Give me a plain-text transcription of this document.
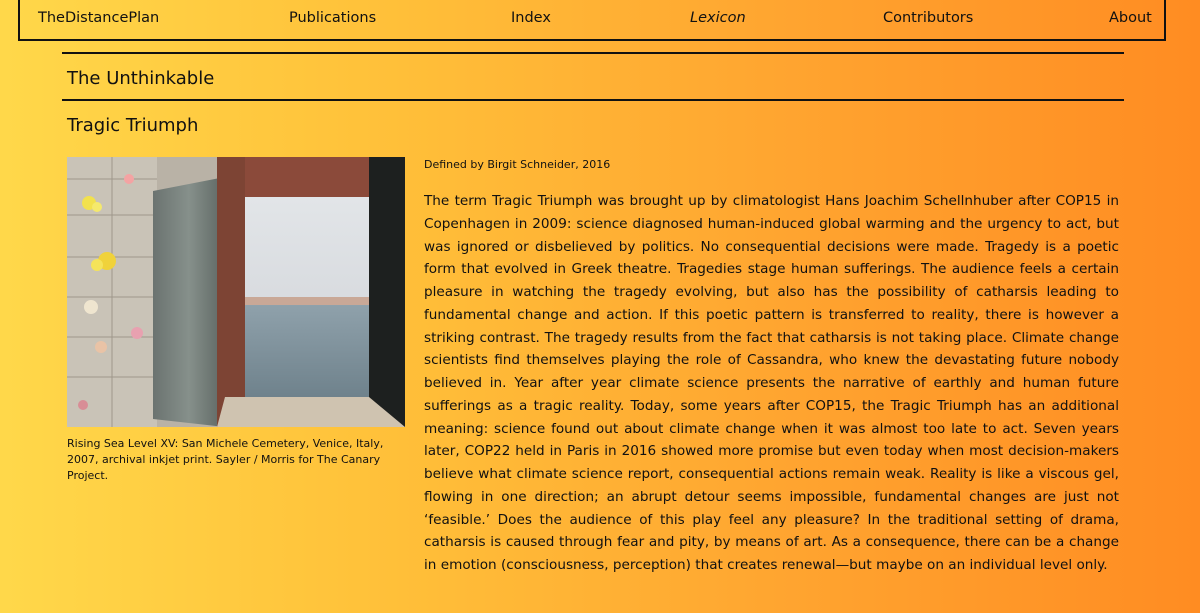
TheDistancePlan	Publications	Index	Lexicon	Contributors	About
The Unthinkable
Tragic Triumph
Rising Sea Level XV: San Michele Cemetery, Venice, Italy, 2007, archival inkjet print. Sayler / Morris for The Canary Project.
Defined by Birgit Schneider, 2016

The term Tragic Triumph was brought up by climatologist Hans Joachim Schellnhuber after COP15 in Copenhagen in 2009: science diagnosed human-induced global warming and the urgency to act, but was ignored or disbelieved by politics. No consequential decisions were made. Tragedy is a poetic form that evolved in Greek theatre. Tragedies stage human sufferings. The audience feels a certain pleasure in watching the tragedy evolving, but also has the possibility of catharsis leading to fundamental change and action. If this poetic pattern is transferred to reality, there is however a striking contrast. The tragedy results from the fact that catharsis is not taking place. Climate change scientists find themselves playing the role of Cassandra, who knew the devastating future nobody believed in. Year after year climate science presents the narrative of earthly and human future sufferings as a tragic reality. Today, some years after COP15, the Tragic Triumph has an additional meaning: science found out about climate change when it was almost too late to act. Seven years later, COP22 held in Paris in 2016 showed more promise but even today when most decision-makers believe what climate science report, consequential actions remain weak. Reality is like a viscous gel, flowing in one direction; an abrupt detour seems impossible, fundamental changes are just not ‘feasible.’ Does the audience of this play feel any pleasure? In the traditional setting of drama, catharsis is caused through fear and pity, by means of art. As a consequence, there can be a change in emotion (consciousness, perception) that creates renewal—but maybe on an individual level only.
